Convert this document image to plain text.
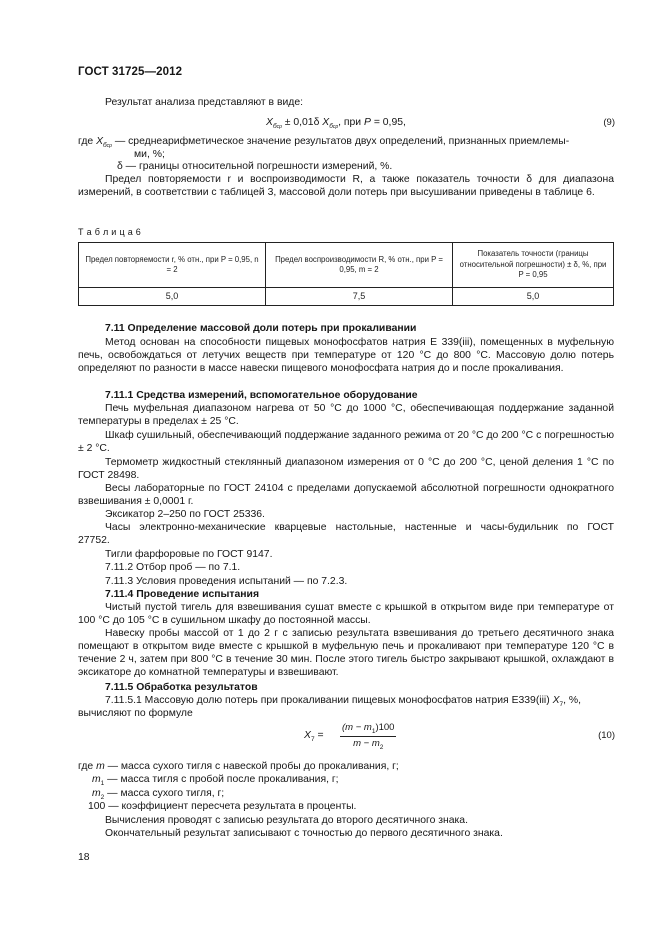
ГОСТ 31725—2012
Результат анализа представляют в виде:
$X_{бср} \pm 0,01\delta$ $X_{бср}$, при P = 0,95,	(9)
где $X_{бср}$ — среднеарифметическое значение результатов двух определений, признанных приемлемы-
ми, %;
δ — границы относительной погрешности измерений, %.
Предел повторяемости r и воспроизводимости R, а также показатель точности δ для диапазона измерений, в соответствии с таблицей 3, массовой доли потерь при высушивании приведены в таблице 6.
Т а б л и ц а 6
Предел повторяемости r, % отн., при P = 0,95, n = 2	Предел воспроизводимости R, % отн., при P = 0,95, m = 2	Показатель точности (границы относительной погрешности) ± δ, %, при P = 0,95
5,0	7,5	5,0
7.11 Определение массовой доли потерь при прокаливании
Метод основан на способности пищевых монофосфатов натрия Е 339(iii), помещенных в муфельную печь, освобождаться от летучих веществ при температуре от 120 °С до 800 °С. Массовую долю потерь определяют по разности в массе навески пищевого монофосфата натрия до и после прокаливания.
7.11.1 Средства измерений, вспомогательное оборудование
Печь муфельная диапазоном нагрева от 50 °С до 1000 °С, обеспечивающая поддержание заданной температуры в пределах ± 25 °С.
Шкаф сушильный, обеспечивающий поддержание заданного режима от 20 °С до 200 °С с погрешностью ± 2 °С.
Термометр жидкостный стеклянный диапазоном измерения от 0 °С до 200 °С, ценой деления 1 °С по ГОСТ 28498.
Весы лабораторные по ГОСТ 24104 с пределами допускаемой абсолютной погрешности однократного взвешивания ± 0,0001 г.
Эксикатор 2–250 по ГОСТ 25336.
Часы электронно-механические кварцевые настольные, настенные и часы-будильник по ГОСТ 27752.
Тигли фарфоровые по ГОСТ 9147.
7.11.2 Отбор проб — по 7.1.
7.11.3 Условия проведения испытаний — по 7.2.3.
7.11.4 Проведение испытания
Чистый пустой тигель для взвешивания сушат вместе с крышкой в открытом виде при температуре от 100 °С до 105 °С в сушильном шкафу до постоянной массы.
Навеску пробы массой от 1 до 2 г с записью результата взвешивания до третьего десятичного знака помещают в открытом виде вместе с крышкой в муфельную печь и прокаливают при температуре 120 °С в течение 2 ч, затем при 800 °С в течение 30 мин. После этого тигель быстро закрывают крышкой, охлаждают в эксикаторе до комнатной температуры и взвешивают.
7.11.5 Обработка результатов
7.11.5.1 Массовую долю потерь при прокаливании пищевых монофосфатов натрия Е339(iii) $X_7$, %,
вычисляют по формуле
$X_7 = \frac{(m - m_1)100}{m - m_2}$	(10)
где m — масса сухого тигля с навеской пробы до прокаливания, г;
$m_1$ — масса тигля с пробой после прокаливания, г;
$m_2$ — масса сухого тигля, г;
100 — коэффициент пересчета результата в проценты.
Вычисления проводят с записью результата до второго десятичного знака.
Окончательный результат записывают с точностью до первого десятичного знака.
18
